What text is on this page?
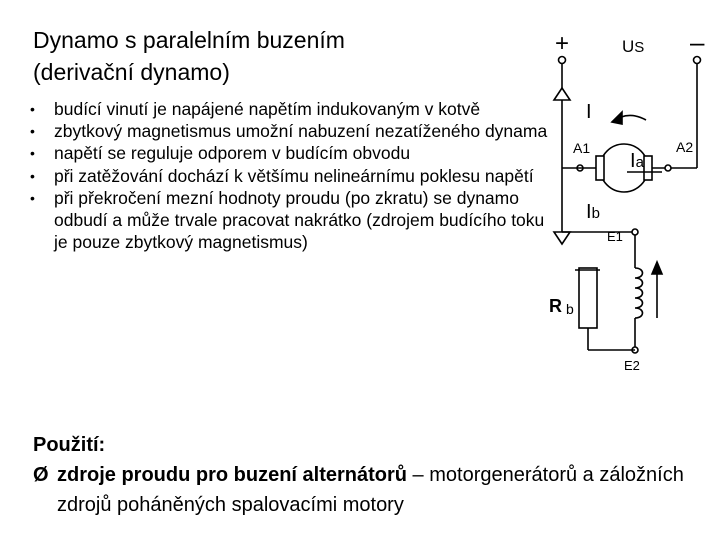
Dynamo s paralelním buzením
(derivační dynamo)
•	budící vinutí je napájené napětím indukovaným v kotvě
•	zbytkový magnetismus umožní nabuzení nezatíženého dynama
•	napětí se reguluje odporem v budícím obvodu
•	při zatěžování dochází k většímu nelineárnímu poklesu napětí
•	při překročení mezní hodnoty proudu (po zkratu) se dynamo odbudí a může trvale pracovat nakrátko (zdrojem budícího toku je pouze zbytkový magnetismus)
+	–
US
I
A1	A2
Ia
Ib
E1
R b
E2
Použití:
Ø zdroje proudu pro buzení alternátorů – motorgenerátorů a záložních zdrojů poháněných spalovacími motory
